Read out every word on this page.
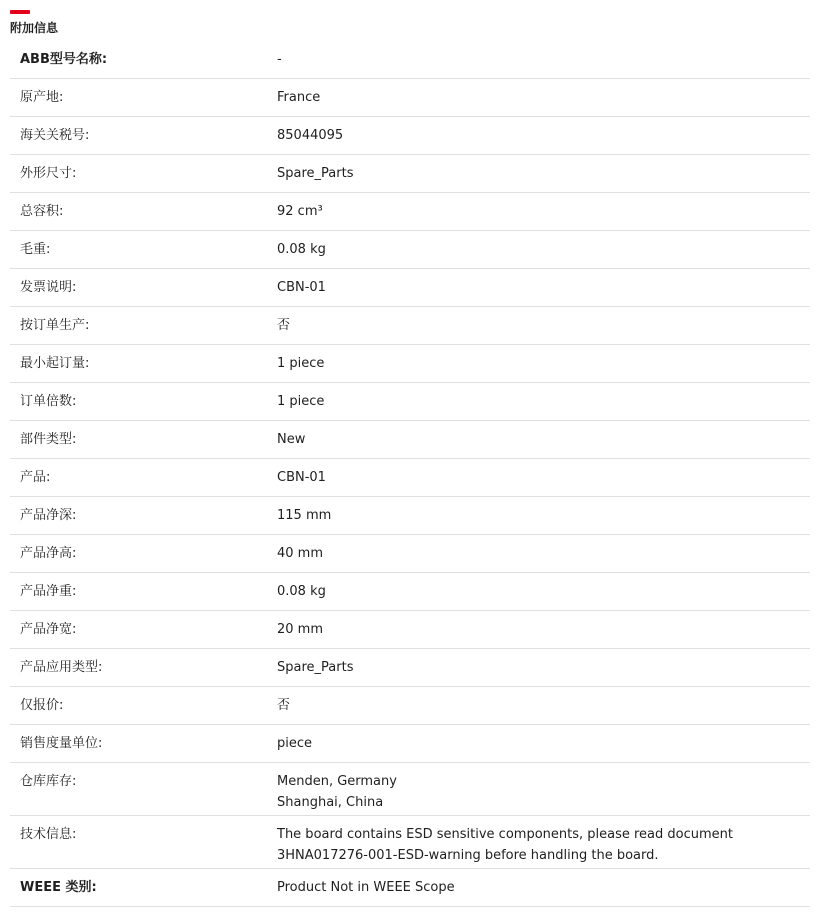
附加信息
ABB型号名称:	-
原产地:	France
海关关税号:	85044095
外形尺寸:	Spare_Parts
总容积:	92 cm³
毛重:	0.08 kg
发票说明:	CBN-01
按订单生产:	否
最小起订量:	1 piece
订单倍数:	1 piece
部件类型:	New
产品:	CBN-01
产品净深:	115 mm
产品净高:	40 mm
产品净重:	0.08 kg
产品净宽:	20 mm
产品应用类型:	Spare_Parts
仅报价:	否
销售度量单位:	piece
仓库库存:	Menden, Germany
Shanghai, China
技术信息:	The board contains ESD sensitive components, please read document
3HNA017276-001-ESD-warning before handling the board.
WEEE 类别:	Product Not in WEEE Scope
